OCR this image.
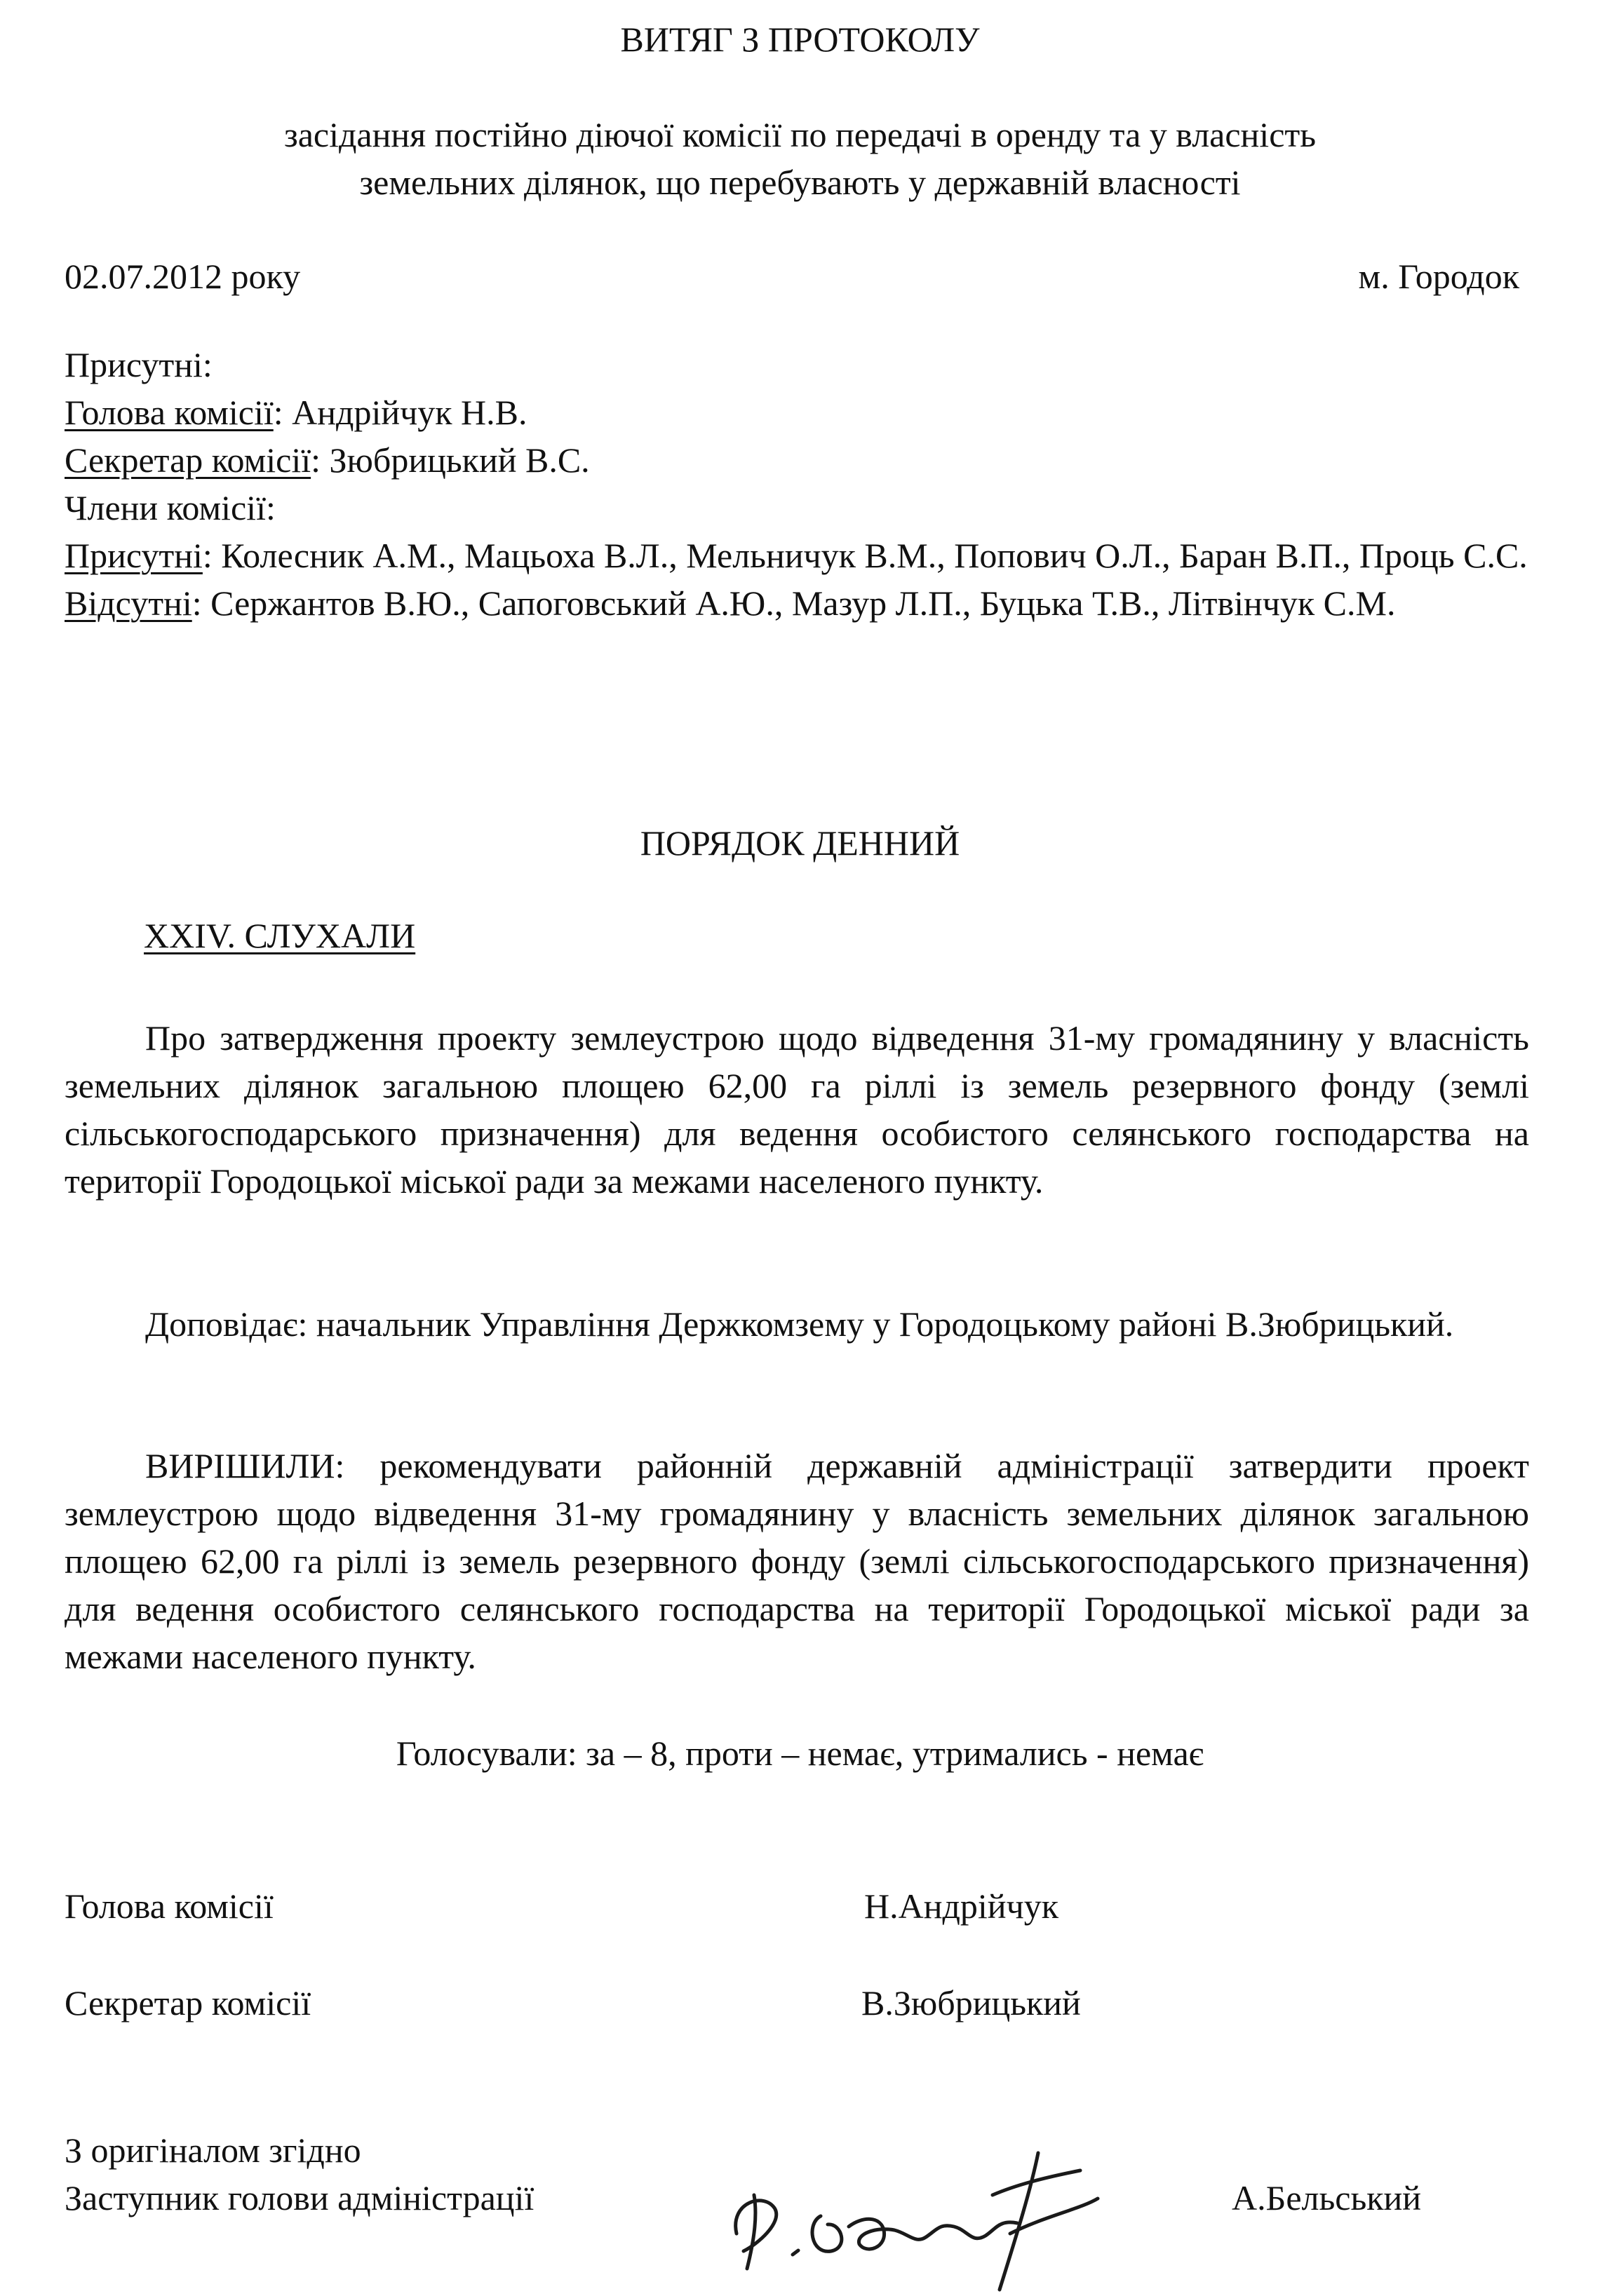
ВИТЯГ З ПРОТОКОЛУ
засідання постійно діючої комісії по передачі в оренду та у власність
земельних ділянок, що перебувають у державній власності
02.07.2012 року	м. Городок

Присутні:

Голова комісії: Андрійчук Н.В.

Секретар комісії: Зюбрицький В.С.

Члени комісії:

Присутні: Колесник А.М., Мацьоха В.Л., Мельничук В.М., Попович О.Л., Баран В.П., Проць С.С.

Відсутні: Сержантов В.Ю., Сапоговський А.Ю., Мазур Л.П., Буцька Т.В., Літвінчук С.М.

ПОРЯДОК ДЕННИЙ
XXIV. СЛУХАЛИ

Про затвердження проекту землеустрою щодо відведення 31-му громадянину у власність земельних ділянок загальною площею 62,00 га ріллі із земель резервного фонду (землі сільськогосподарського призначення) для ведення особистого селянського господарства на території Городоцької міської ради за межами населеного пункту.

Доповідає: начальник Управління Держкомзему у Городоцькому районі В.Зюбрицький.

ВИРІШИЛИ: рекомендувати районній державній адміністрації затвердити проект землеустрою щодо відведення 31-му громадянину у власність земельних ділянок загальною площею 62,00 га ріллі із земель резервного фонду (землі сільськогосподарського призначення) для ведення особистого селянського господарства на території Городоцької міської ради за межами населеного пункту.

Голосували: за – 8, проти – немає, утримались - немає
Голова комісії	Н.Андрійчук
Секретар комісії	В.Зюбрицький
З оригіналом згідно
Заступник голови адміністрації	А.Бельський
